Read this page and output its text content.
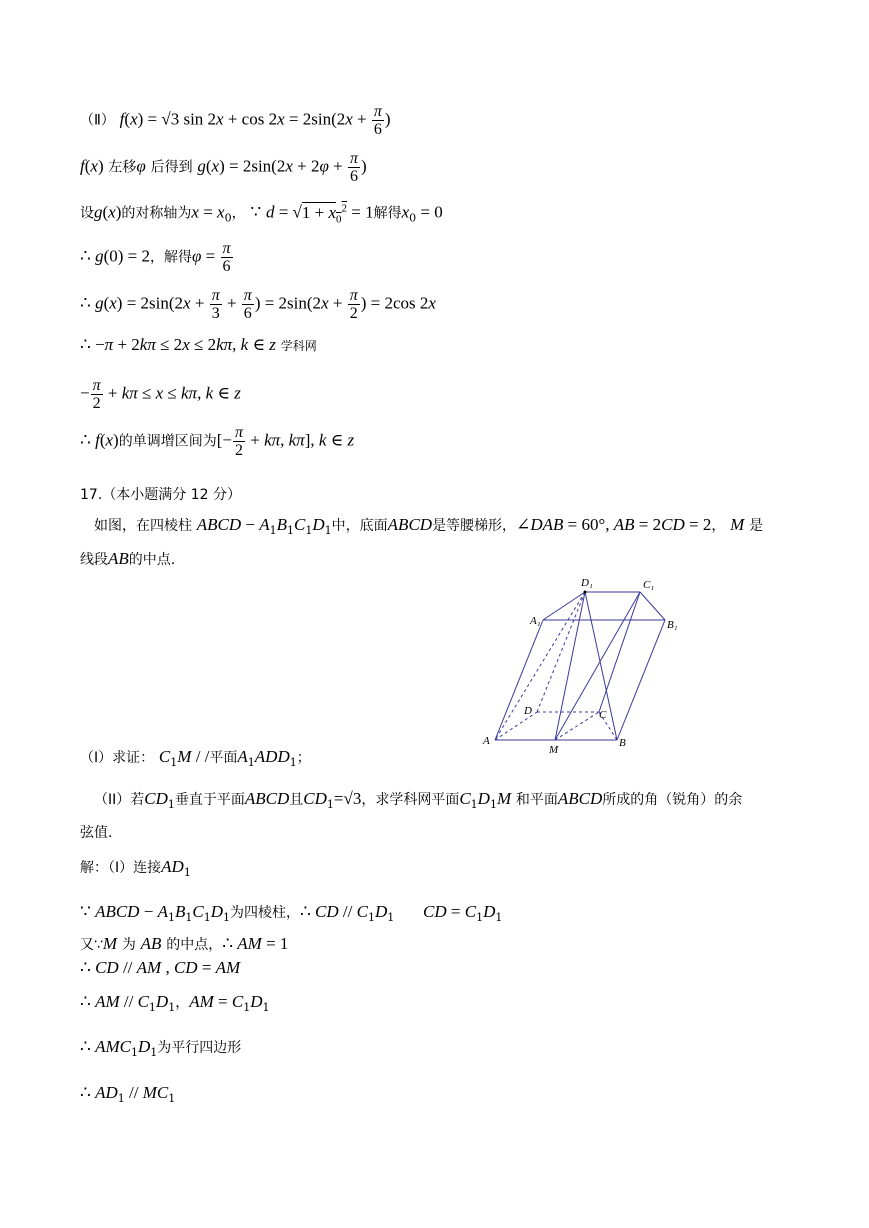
（Ⅱ） f(x) = √3 $\sin 2x + \cos 2x = 2\sin(2x + \frac{\pi}{6}$ )
f(x) 左移φ 后得到 $g(x) = 2\sin(2x + 2\varphi + \frac{\pi}{6}$ )
设g(x)的对称轴为$x = x_0$， ∵ $d = √1 + x_0^2 = 1$解得$x_0 = 0$
∴ g(0) = 2，解得$\varphi = \frac{\pi}{6}$
∴ $g(x) = 2\sin(2x + \frac{\pi}{3} + \frac{\pi}{6}$ ) = $2\sin(2x + \frac{\pi}{2}$ ) = 2cos 2x
∴ −π + 2kπ ≤ 2x ≤ 2kπ, k ∈ z 学科网
− $\frac{\pi}{2} + k\pi \le x \le k\pi$, k ∈ z
∴ f(x)的单调增区间为[− $\frac{\pi}{2} + k\pi$, kπ], k ∈ z
17.（本小题满分 12 分）
如图，在四棱柱 ABCD − $A_1B_1C_1D_1$中，底面ABCD是等腰梯形，∠DAB = 60°, AB = 2CD = 2， M 是
线段AB的中点.
D₁	C₁
A₁	B₁
D	C
A
M
B
（I）求证： $C_1M$ / /平面$A_1ADD_1$；
（II）若$CD_1$垂直于平面ABCD且$CD_1=√3$，求学科网平面$C_1D_1M$ 和平面ABCD所成的角（锐角）的余
弦值.
解：（Ⅰ）连接$AD_1$
∵ ABCD − $A_1B_1C_1D_1$为四棱柱，∴ CD // $C_1D_1$ CD = $C_1D_1$
又∵M 为 AB 的中点，∴ AM = 1
∴ CD // AM , CD = AM
∴ AM // $C_1D_1$，AM = $C_1D_1$
∴ $AMC_1D_1$为平行四边形
∴ $AD_1 // MC_1$
